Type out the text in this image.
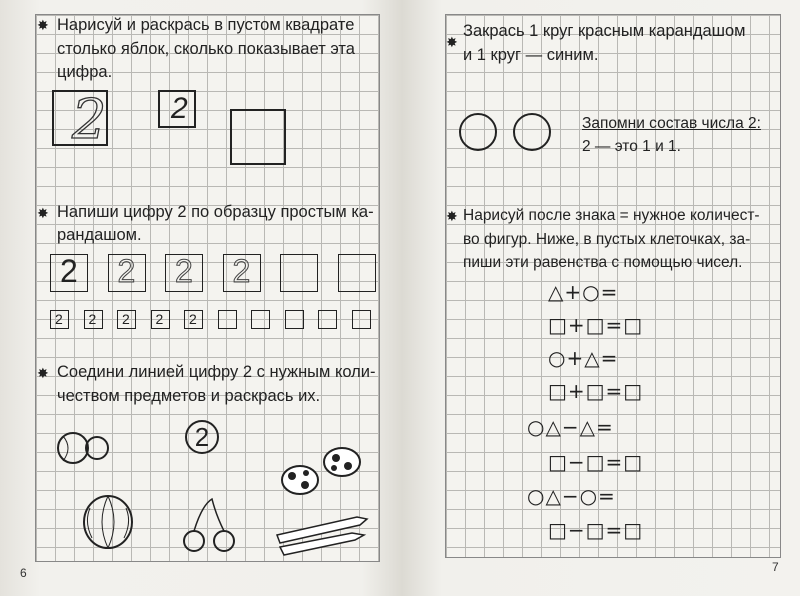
✸ Нарисуй и раскрась в пустом квадрате
столько яблок, сколько показывает эта
цифра.
2 2
✸ Напиши цифру 2 по образцу простым ка-
рандашом.
2 2 2 2
2 2 2 2 2
✸ Соедини линией цифру 2 с нужным коли-
чеством предметов и раскрась их.
2
6
✸
Закрась 1 круг красным карандашом
и 1 круг — синим.
Запомни состав числа 2:
2 — это 1 и 1.
✸ Нарисуй после знака = нужное количест-
во фигур. Ниже, в пустых клеточках, за-
пиши эти равенства с помощью чисел.
△+○=
□+□=□
○+△=
□+□=□
○△−△=
□−□=□
○△−○=
□−□=□
7
